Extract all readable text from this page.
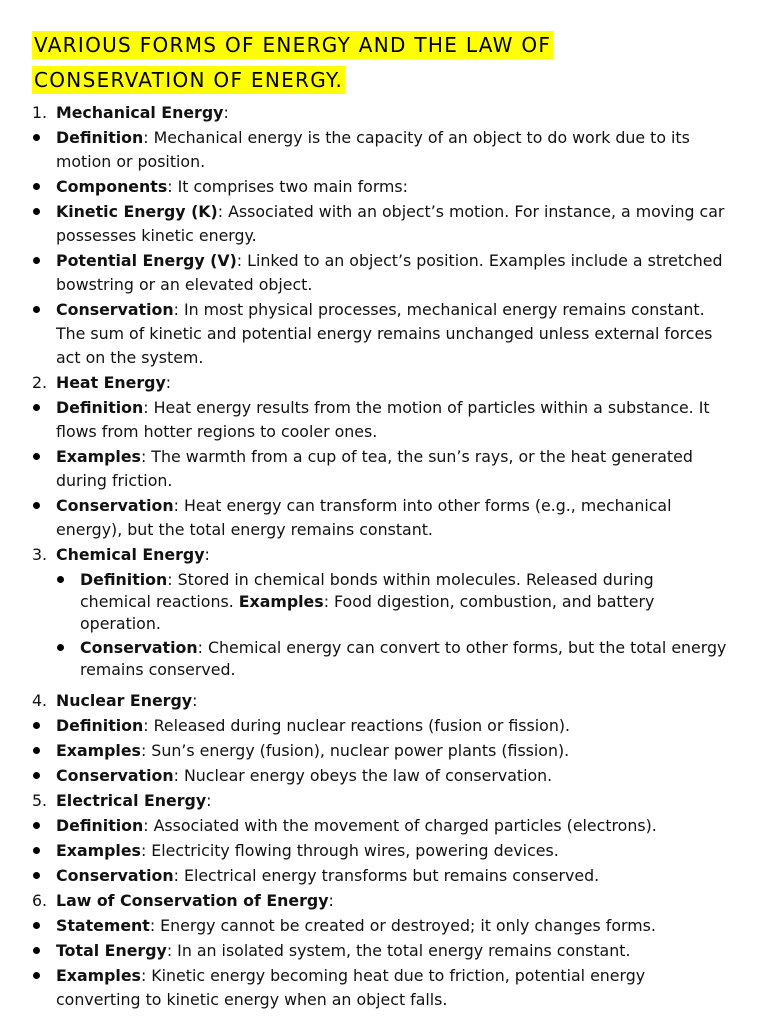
VARIOUS FORMS OF ENERGY AND THE LAW OF
CONSERVATION OF ENERGY.
1. Mechanical Energy:
Definition: Mechanical energy is the capacity of an object to do work due to its motion or position.
Components: It comprises two main forms:
Kinetic Energy (K): Associated with an object’s motion. For instance, a moving car possesses kinetic energy.
Potential Energy (V): Linked to an object’s position. Examples include a stretched bowstring or an elevated object.
Conservation: In most physical processes, mechanical energy remains constant. The sum of kinetic and potential energy remains unchanged unless external forces act on the system.
2. Heat Energy:
Definition: Heat energy results from the motion of particles within a substance. It flows from hotter regions to cooler ones.
Examples: The warmth from a cup of tea, the sun’s rays, or the heat generated during friction.
Conservation: Heat energy can transform into other forms (e.g., mechanical energy), but the total energy remains constant.
3. Chemical Energy:
Definition: Stored in chemical bonds within molecules. Released during chemical reactions. Examples: Food digestion, combustion, and battery operation.
Conservation: Chemical energy can convert to other forms, but the total energy remains conserved.
4. Nuclear Energy:
Definition: Released during nuclear reactions (fusion or fission).
Examples: Sun’s energy (fusion), nuclear power plants (fission).
Conservation: Nuclear energy obeys the law of conservation.
5. Electrical Energy:
Definition: Associated with the movement of charged particles (electrons).
Examples: Electricity flowing through wires, powering devices.
Conservation: Electrical energy transforms but remains conserved.
6. Law of Conservation of Energy:
Statement: Energy cannot be created or destroyed; it only changes forms.
Total Energy: In an isolated system, the total energy remains constant.
Examples: Kinetic energy becoming heat due to friction, potential energy converting to kinetic energy when an object falls.
